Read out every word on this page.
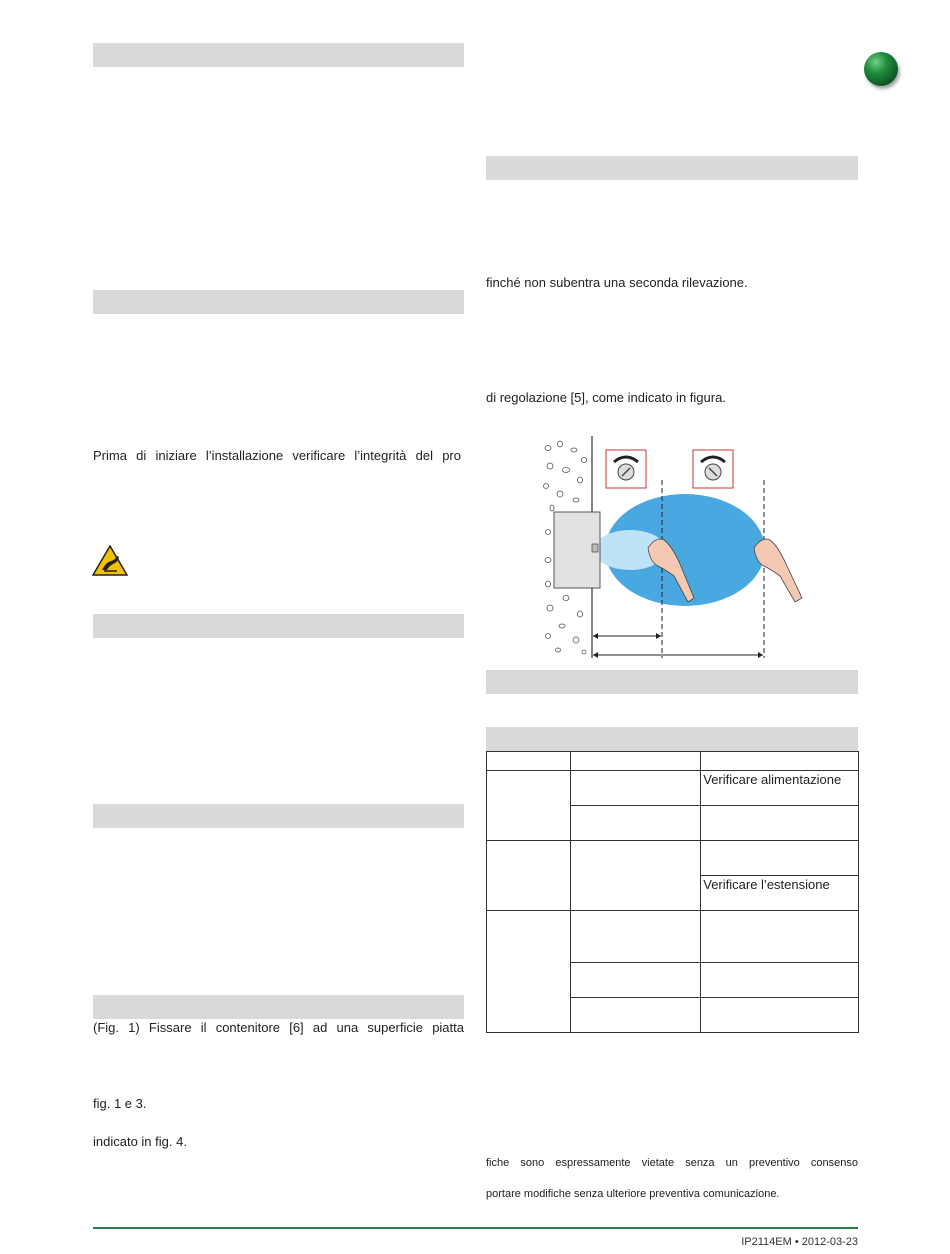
Prima di iniziare l’installazione verificare l’integrità del pro
(Fig. 1) Fissare il contenitore [6] ad una superficie piatta
fig. 1 e 3.
indicato in fig. 4.
finché non subentra una seconda rilevazione.
di regolazione [5], come indicato in figura.

		Verificare alimentazione

		Verificare l’estensione

fiche sono espressamente vietate senza un preventivo consenso
portare modifiche senza ulteriore preventiva comunicazione.
IP2114EM • 2012-03-23
